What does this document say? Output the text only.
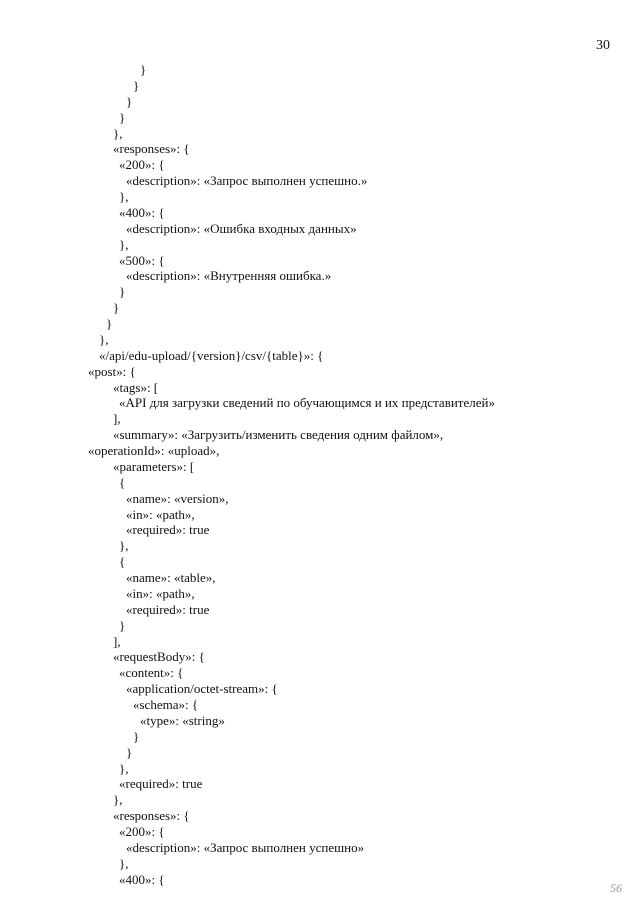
30
}
}
}
}
},
«responses»: {
«200»: {
«description»: «Запрос выполнен успешно.»
},
«400»: {
«description»: «Ошибка входных данных»
},
«500»: {
«description»: «Внутренняя ошибка.»
}
}
}
},
«/api/edu-upload/{version}/csv/{table}»: {
«post»: {
«tags»: [
«API для загрузки сведений по обучающимся и их представителей»
],
«summary»: «Загрузить/изменить сведения одним файлом»,
«operationId»: «upload»,
«parameters»: [
{
«name»: «version»,
«in»: «path»,
«required»: true
},
{
«name»: «table»,
«in»: «path»,
«required»: true
}
],
«requestBody»: {
«content»: {
«application/octet-stream»: {
«schema»: {
«type»: «string»
}
}
},
«required»: true
},
«responses»: {
«200»: {
«description»: «Запрос выполнен успешно»
},
«400»: {
56
